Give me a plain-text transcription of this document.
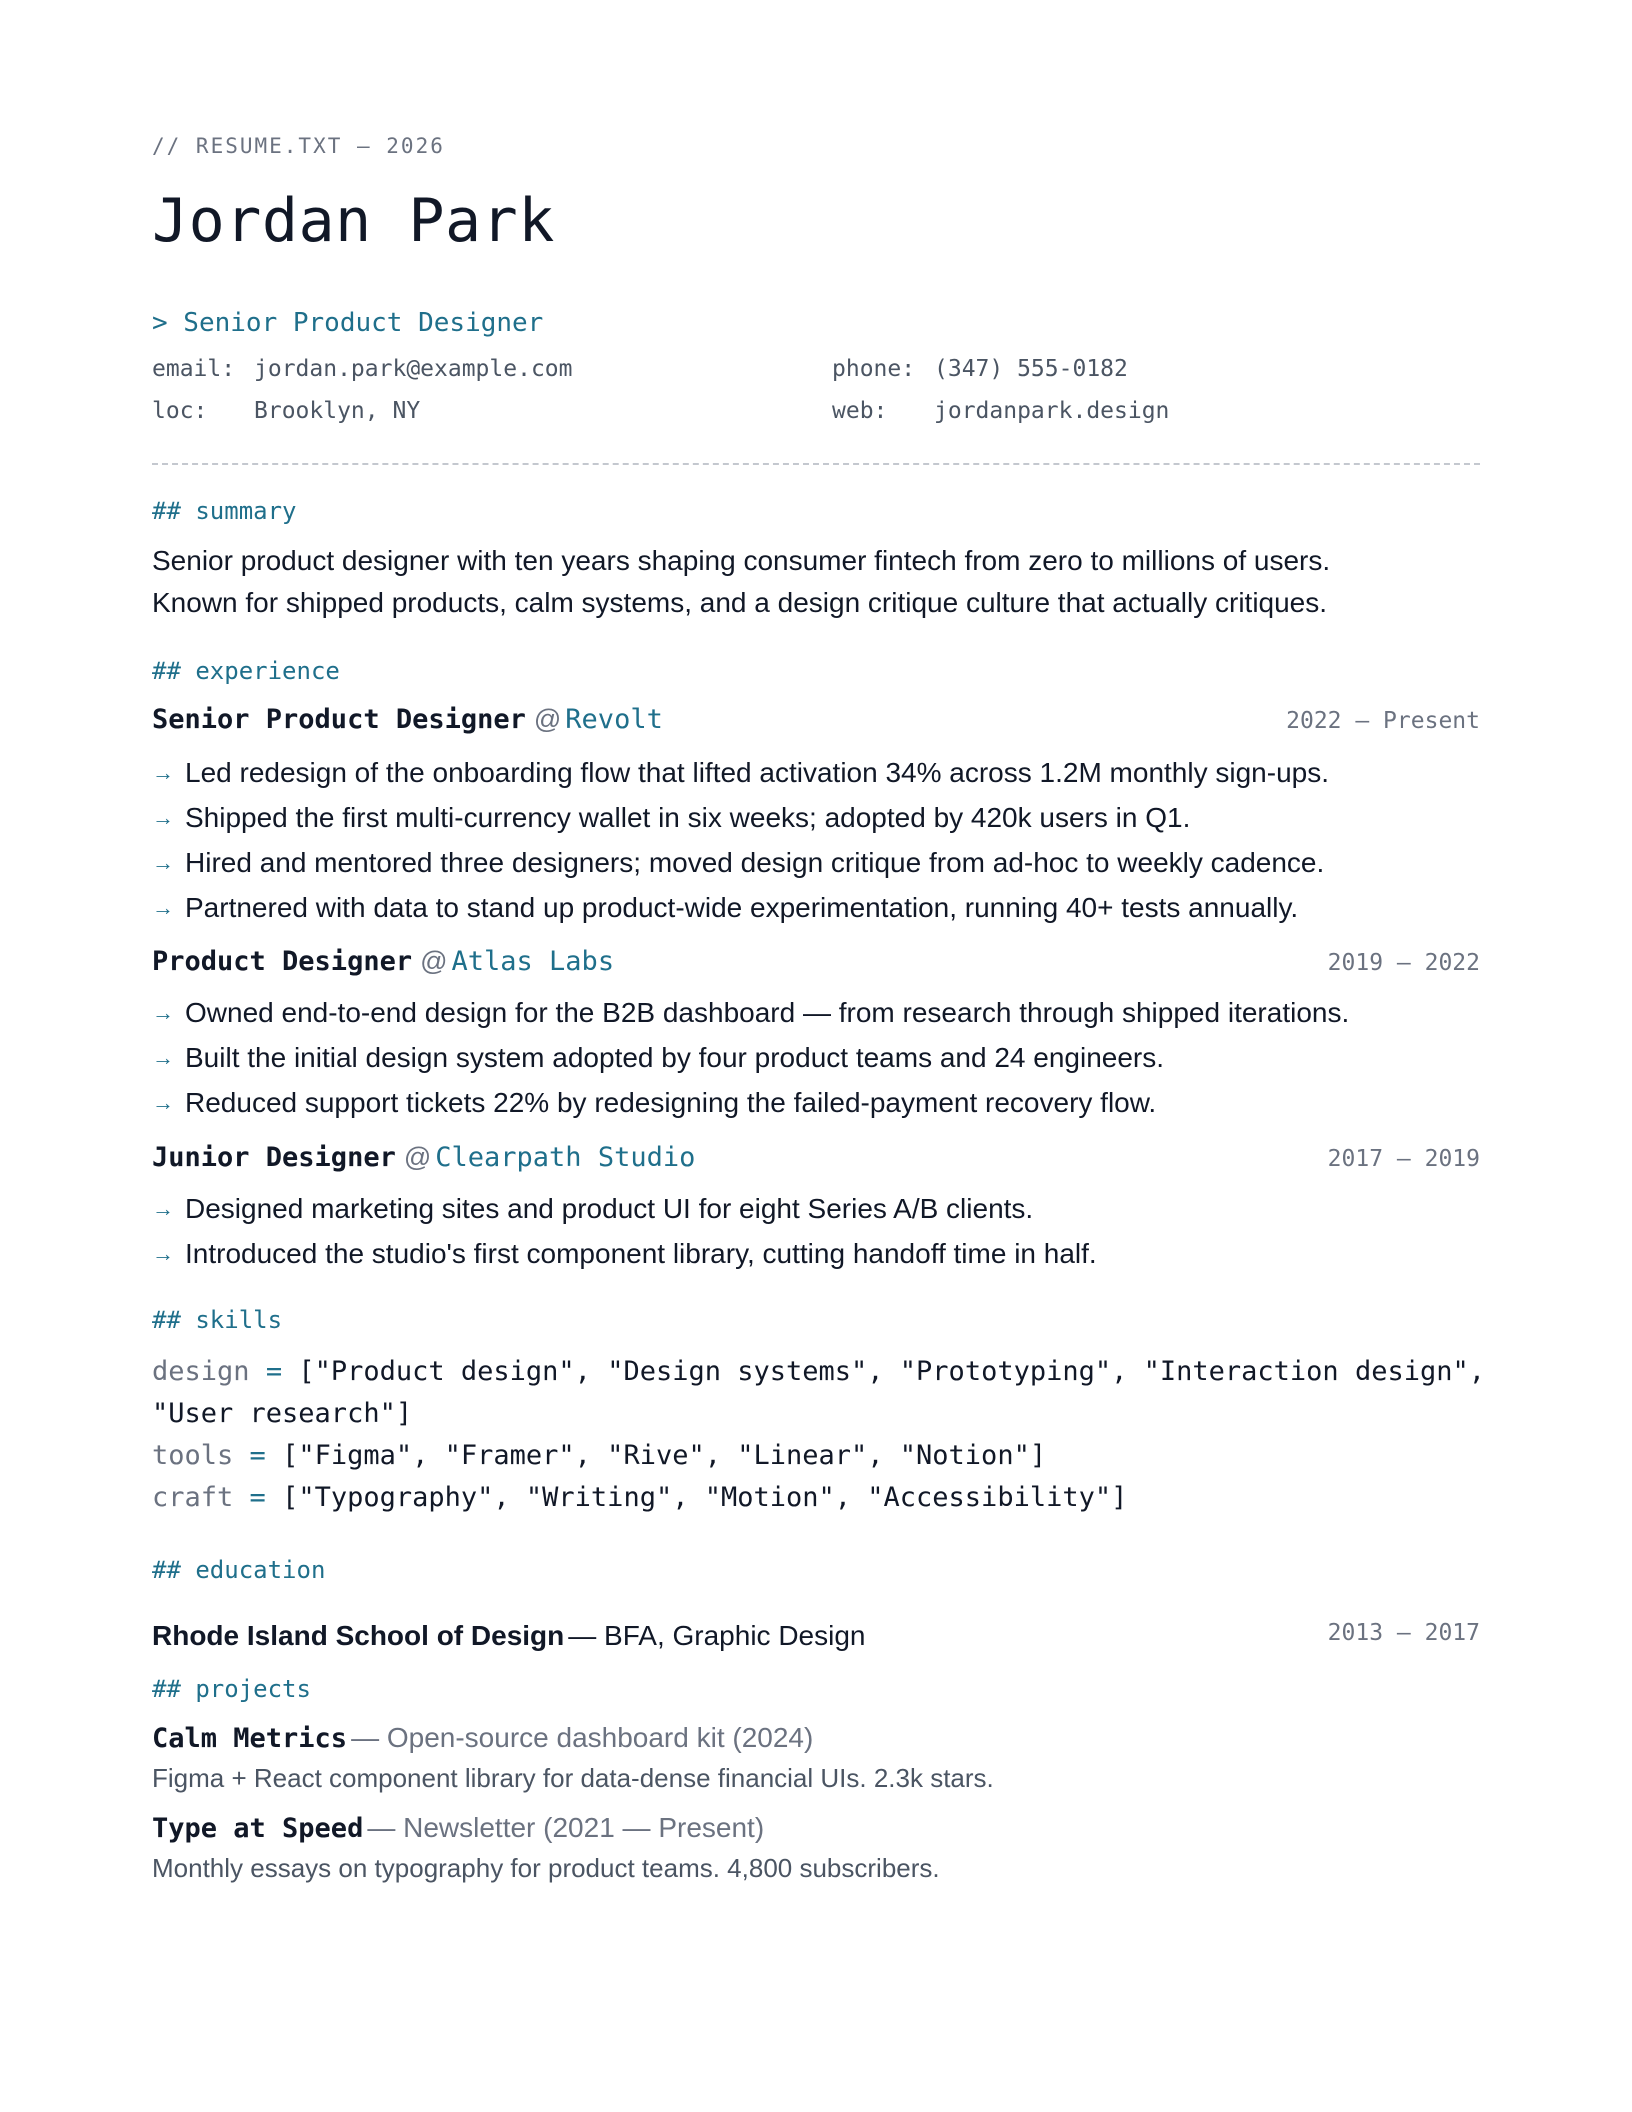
// RESUME.TXT — 2026
Jordan Park
> Senior Product Designer
email: jordan.park@example.com	phone: (347) 555-0182
loc: Brooklyn, NY	web: jordanpark.design
## summary
Senior product designer with ten years shaping consumer fintech from zero to millions of users.
Known for shipped products, calm systems, and a design critique culture that actually critiques.
## experience
Senior Product Designer @ Revolt	2022 — Present
→ Led redesign of the onboarding flow that lifted activation 34% across 1.2M monthly sign-ups.
→ Shipped the first multi-currency wallet in six weeks; adopted by 420k users in Q1.
→ Hired and mentored three designers; moved design critique from ad-hoc to weekly cadence.
→ Partnered with data to stand up product-wide experimentation, running 40+ tests annually.
Product Designer @ Atlas Labs	2019 — 2022
→ Owned end-to-end design for the B2B dashboard — from research through shipped iterations.
→ Built the initial design system adopted by four product teams and 24 engineers.
→ Reduced support tickets 22% by redesigning the failed-payment recovery flow.
Junior Designer @ Clearpath Studio	2017 — 2019
→ Designed marketing sites and product UI for eight Series A/B clients.
→ Introduced the studio's first component library, cutting handoff time in half.
## skills
design = ["Product design", "Design systems", "Prototyping", "Interaction design",
"User research"]
tools = ["Figma", "Framer", "Rive", "Linear", "Notion"]
craft = ["Typography", "Writing", "Motion", "Accessibility"]
## education
Rhode Island School of Design — BFA, Graphic Design	2013 — 2017
## projects
Calm Metrics — Open-source dashboard kit (2024)
Figma + React component library for data-dense financial UIs. 2.3k stars.
Type at Speed — Newsletter (2021 — Present)
Monthly essays on typography for product teams. 4,800 subscribers.
